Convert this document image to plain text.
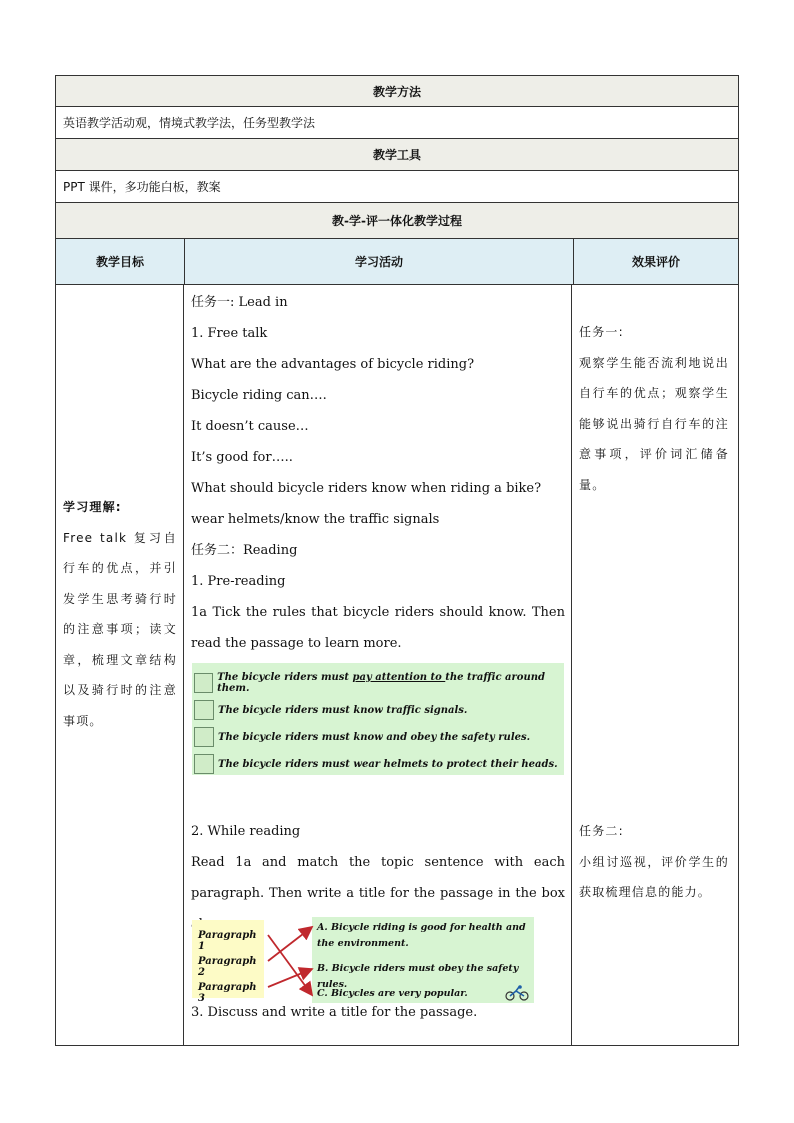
教学方法
英语教学活动观，情境式教学法，任务型教学法
教学工具
PPT 课件，多功能白板，教案
教-学-评一体化教学过程
教学目标	学习活动	效果评价
学习理解:
Free talk 复习自行车的优点，并引发学生思考骑行时的注意事项；读文章，梳理文章结构以及骑行时的注意事项。

任务一: Lead in

1. Free talk

What are the advantages of bicycle riding?

Bicycle riding can….

It doesn’t cause…

It’s good for…..

What should bicycle riders know when riding a bike?

wear helmets/know the traffic signals

任务二：Reading

1. Pre-reading

1a Tick the rules that bicycle riders should know. Then read the passage to learn more.

The bicycle riders must pay attention to the traffic around them.
The bicycle riders must know traffic signals.
The bicycle riders must know and obey the safety rules.
The bicycle riders must wear helmets to protect their heads.

2. While reading

Read 1a and match the topic sentence with each paragraph. Then write a title for the passage in the box

Paragraph 1
Paragraph 2
Paragraph 3
A. Bicycle riding is good for health and the environment.
B. Bicycle riders must obey the safety rules.
C. Bicycles are very popular.
3. Discuss and write a title for the passage.
任务一:
观察学生能否流利地说出自行车的优点；观察学生能够说出骑行自行车的注意事项，评价词汇储备量。
任务二:
小组讨巡视，评价学生的获取梳理信息的能力。
